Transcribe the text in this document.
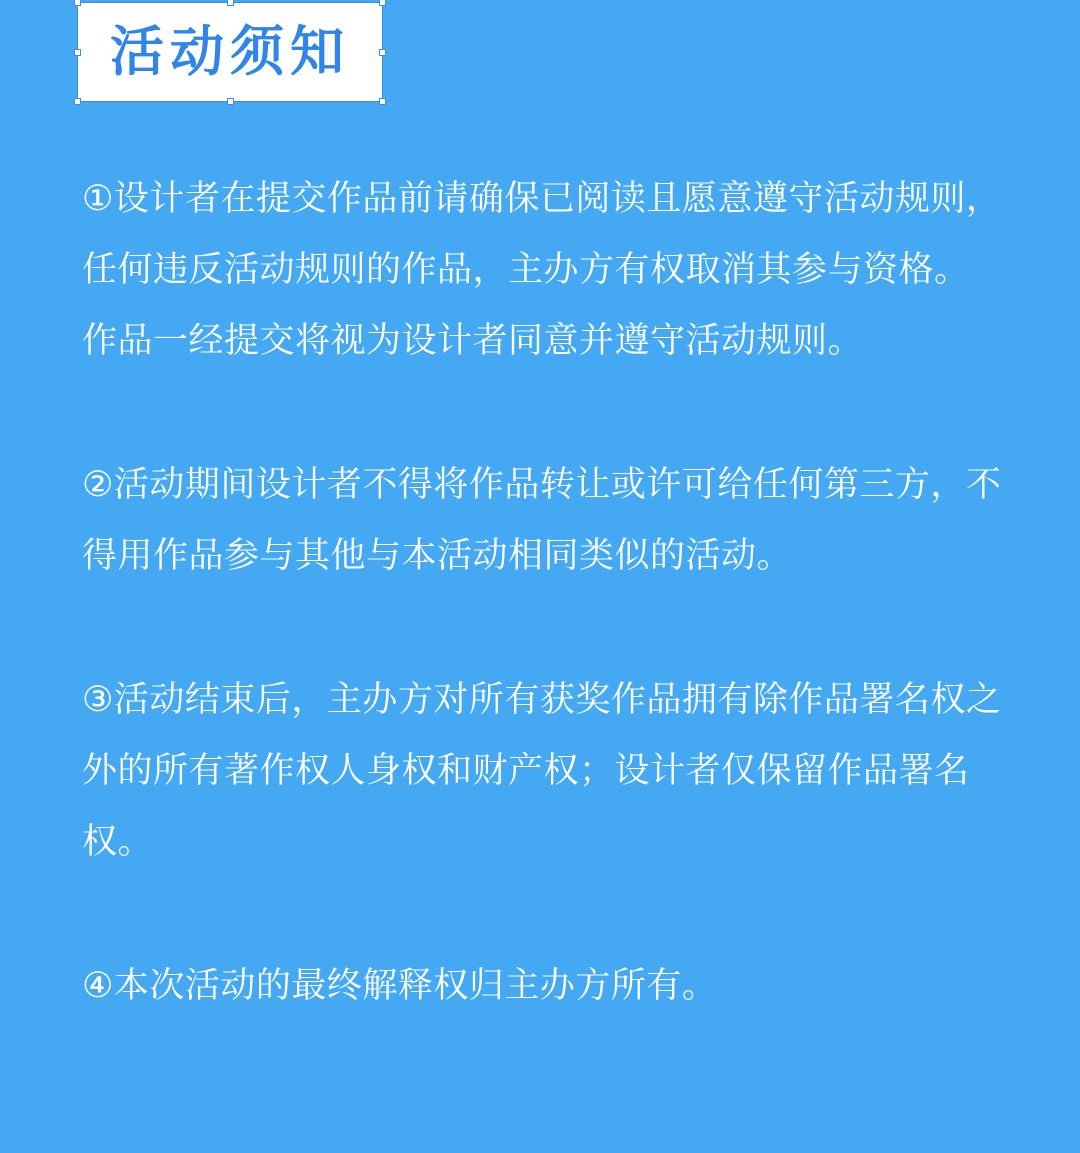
活动须知

①设计者在提交作品前请确保已阅读且愿意遵守活动规则，任何违反活动规则的作品，主办方有权取消其参与资格。作品一经提交将视为设计者同意并遵守活动规则。

②活动期间设计者不得将作品转让或许可给任何第三方，不得用作品参与其他与本活动相同类似的活动。

③活动结束后，主办方对所有获奖作品拥有除作品署名权之外的所有著作权人身权和财产权；设计者仅保留作品署名权。

④本次活动的最终解释权归主办方所有。
